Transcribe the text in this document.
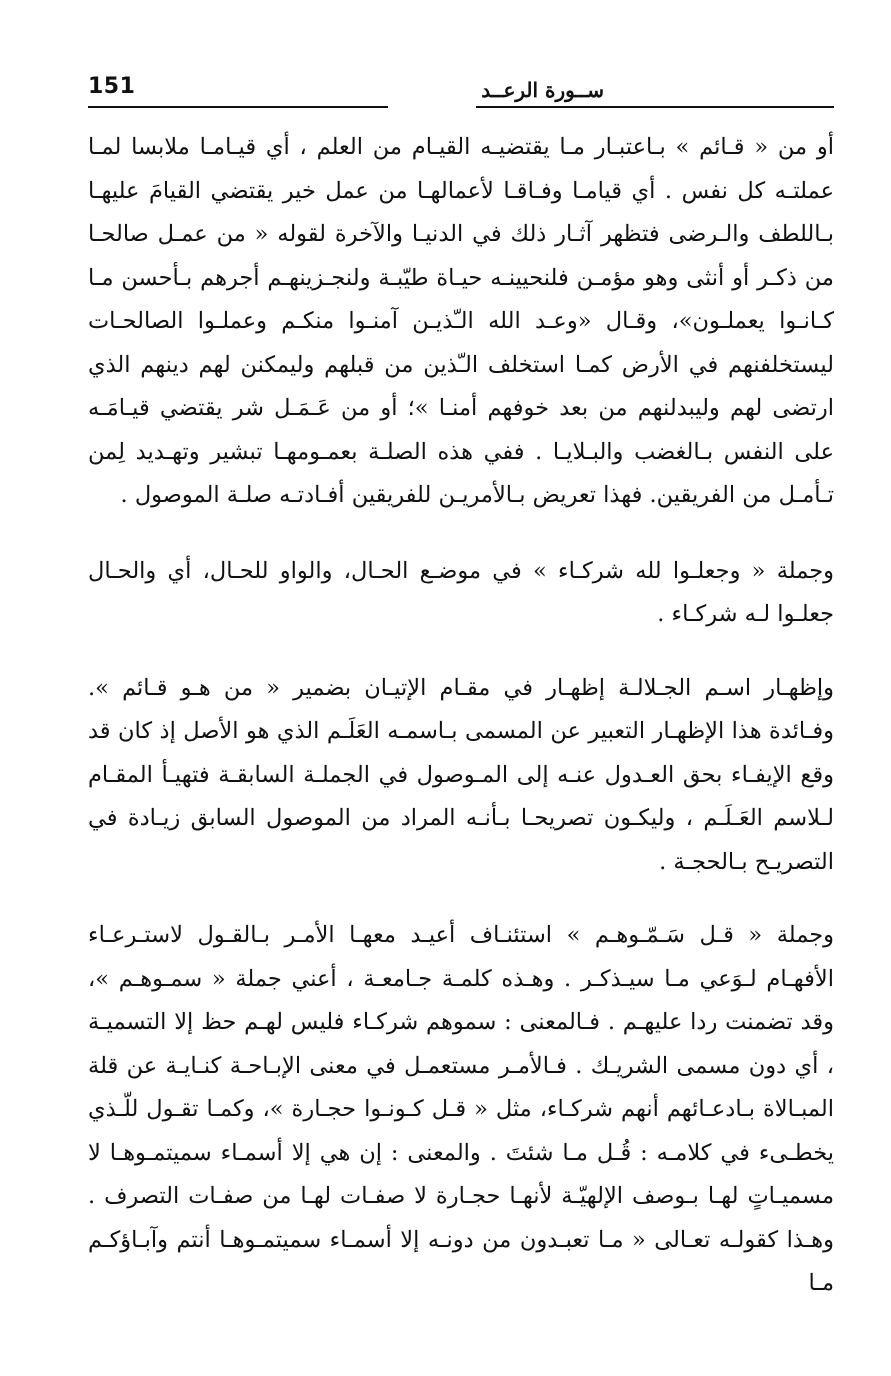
151	ســورة الرعــد

أو من « قـائم » بـاعتبـار مـا يقتضيـه القيـام من العلم ، أي قيـامـا ملابسا لمـا عملتـه كل نفس . أي قيامـا وفـاقـا لأعمالهـا من عمل خير يقتضي القيامَ عليهـا بـاللطف والـرضى فتظهر آثـار ذلك في الدنيـا والآخرة لقوله « من عمـل صالحـا من ذكـر أو أنثى وهو مؤمـن فلنحيينـه حيـاة طيّبـة ولنجـزينهـم أجرهم بـأحسن مـا كـانـوا يعملـون»، وقـال «وعـد الله الـّذيـن آمنـوا منكـم وعملـوا الصالحـات ليستخلفنهم في الأرض كمـا استخلف الـّذين من قبلهم وليمكنن لهم دينهم الذي ارتضى لهم وليبدلنهم من بعد خوفهم أمنـا »؛ أو من عَـمَـل شر يقتضي قيـامَـه على النفس بـالغضب والبـلايـا . ففي هذه الصلـة بعمـومهـا تبشير وتهـديد لِمن تـأمـل من الفريقين. فهذا تعريض بـالأمريـن للفريقين أفـادتـه صلـة الموصول .

وجملة « وجعلـوا لله شركـاء » في موضـع الحـال، والواو للحـال، أي والحـال جعلـوا لـه شركـاء .

وإظهـار اسـم الجـلالـة إظهـار في مقـام الإتيـان بضمير « من هـو قـائم ». وفـائدة هذا الإظهـار التعبير عن المسمى بـاسمـه العَلَـم الذي هو الأصل إذ كان قد وقع الإيفـاء بحق العـدول عنـه إلى المـوصول في الجملـة السابقـة فتهيـأ المقـام لـلاسم العَـلَـم ، وليكـون تصريحـا بـأنـه المراد من الموصول السابق زيـادة في التصريـح بـالحجـة .

وجملة « قـل سَـمّـوهـم » استئنـاف أعيـد معهـا الأمـر بـالقـول لاستـرعـاء الأفهـام لـوَعي مـا سيـذكـر . وهـذه كلمـة جـامعـة ، أعني جملة « سمـوهـم »، وقد تضمنت ردا عليهـم . فـالمعنى : سموهم شركـاء فليس لهـم حظ إلا التسميـة ، أي دون مسمى الشريـك . فـالأمـر مستعمـل في معنى الإبـاحـة كنـايـة عن قلة المبـالاة بـادعـائهم أنهم شركـاء، مثل « قـل كـونـوا حجـارة »، وكمـا تقـول للّـذي يخطـىء في كلامـه : قُـل مـا شئتَ . والمعنى : إن هي إلا أسمـاء سميتمـوهـا لا مسميـاتٍ لهـا بـوصف الإلهيّـة لأنهـا حجـارة لا صفـات لهـا من صفـات التصرف . وهـذا كقولـه تعـالى « مـا تعبـدون من دونـه إلا أسمـاء سميتمـوهـا أنتم وآبـاؤكـم مـا
